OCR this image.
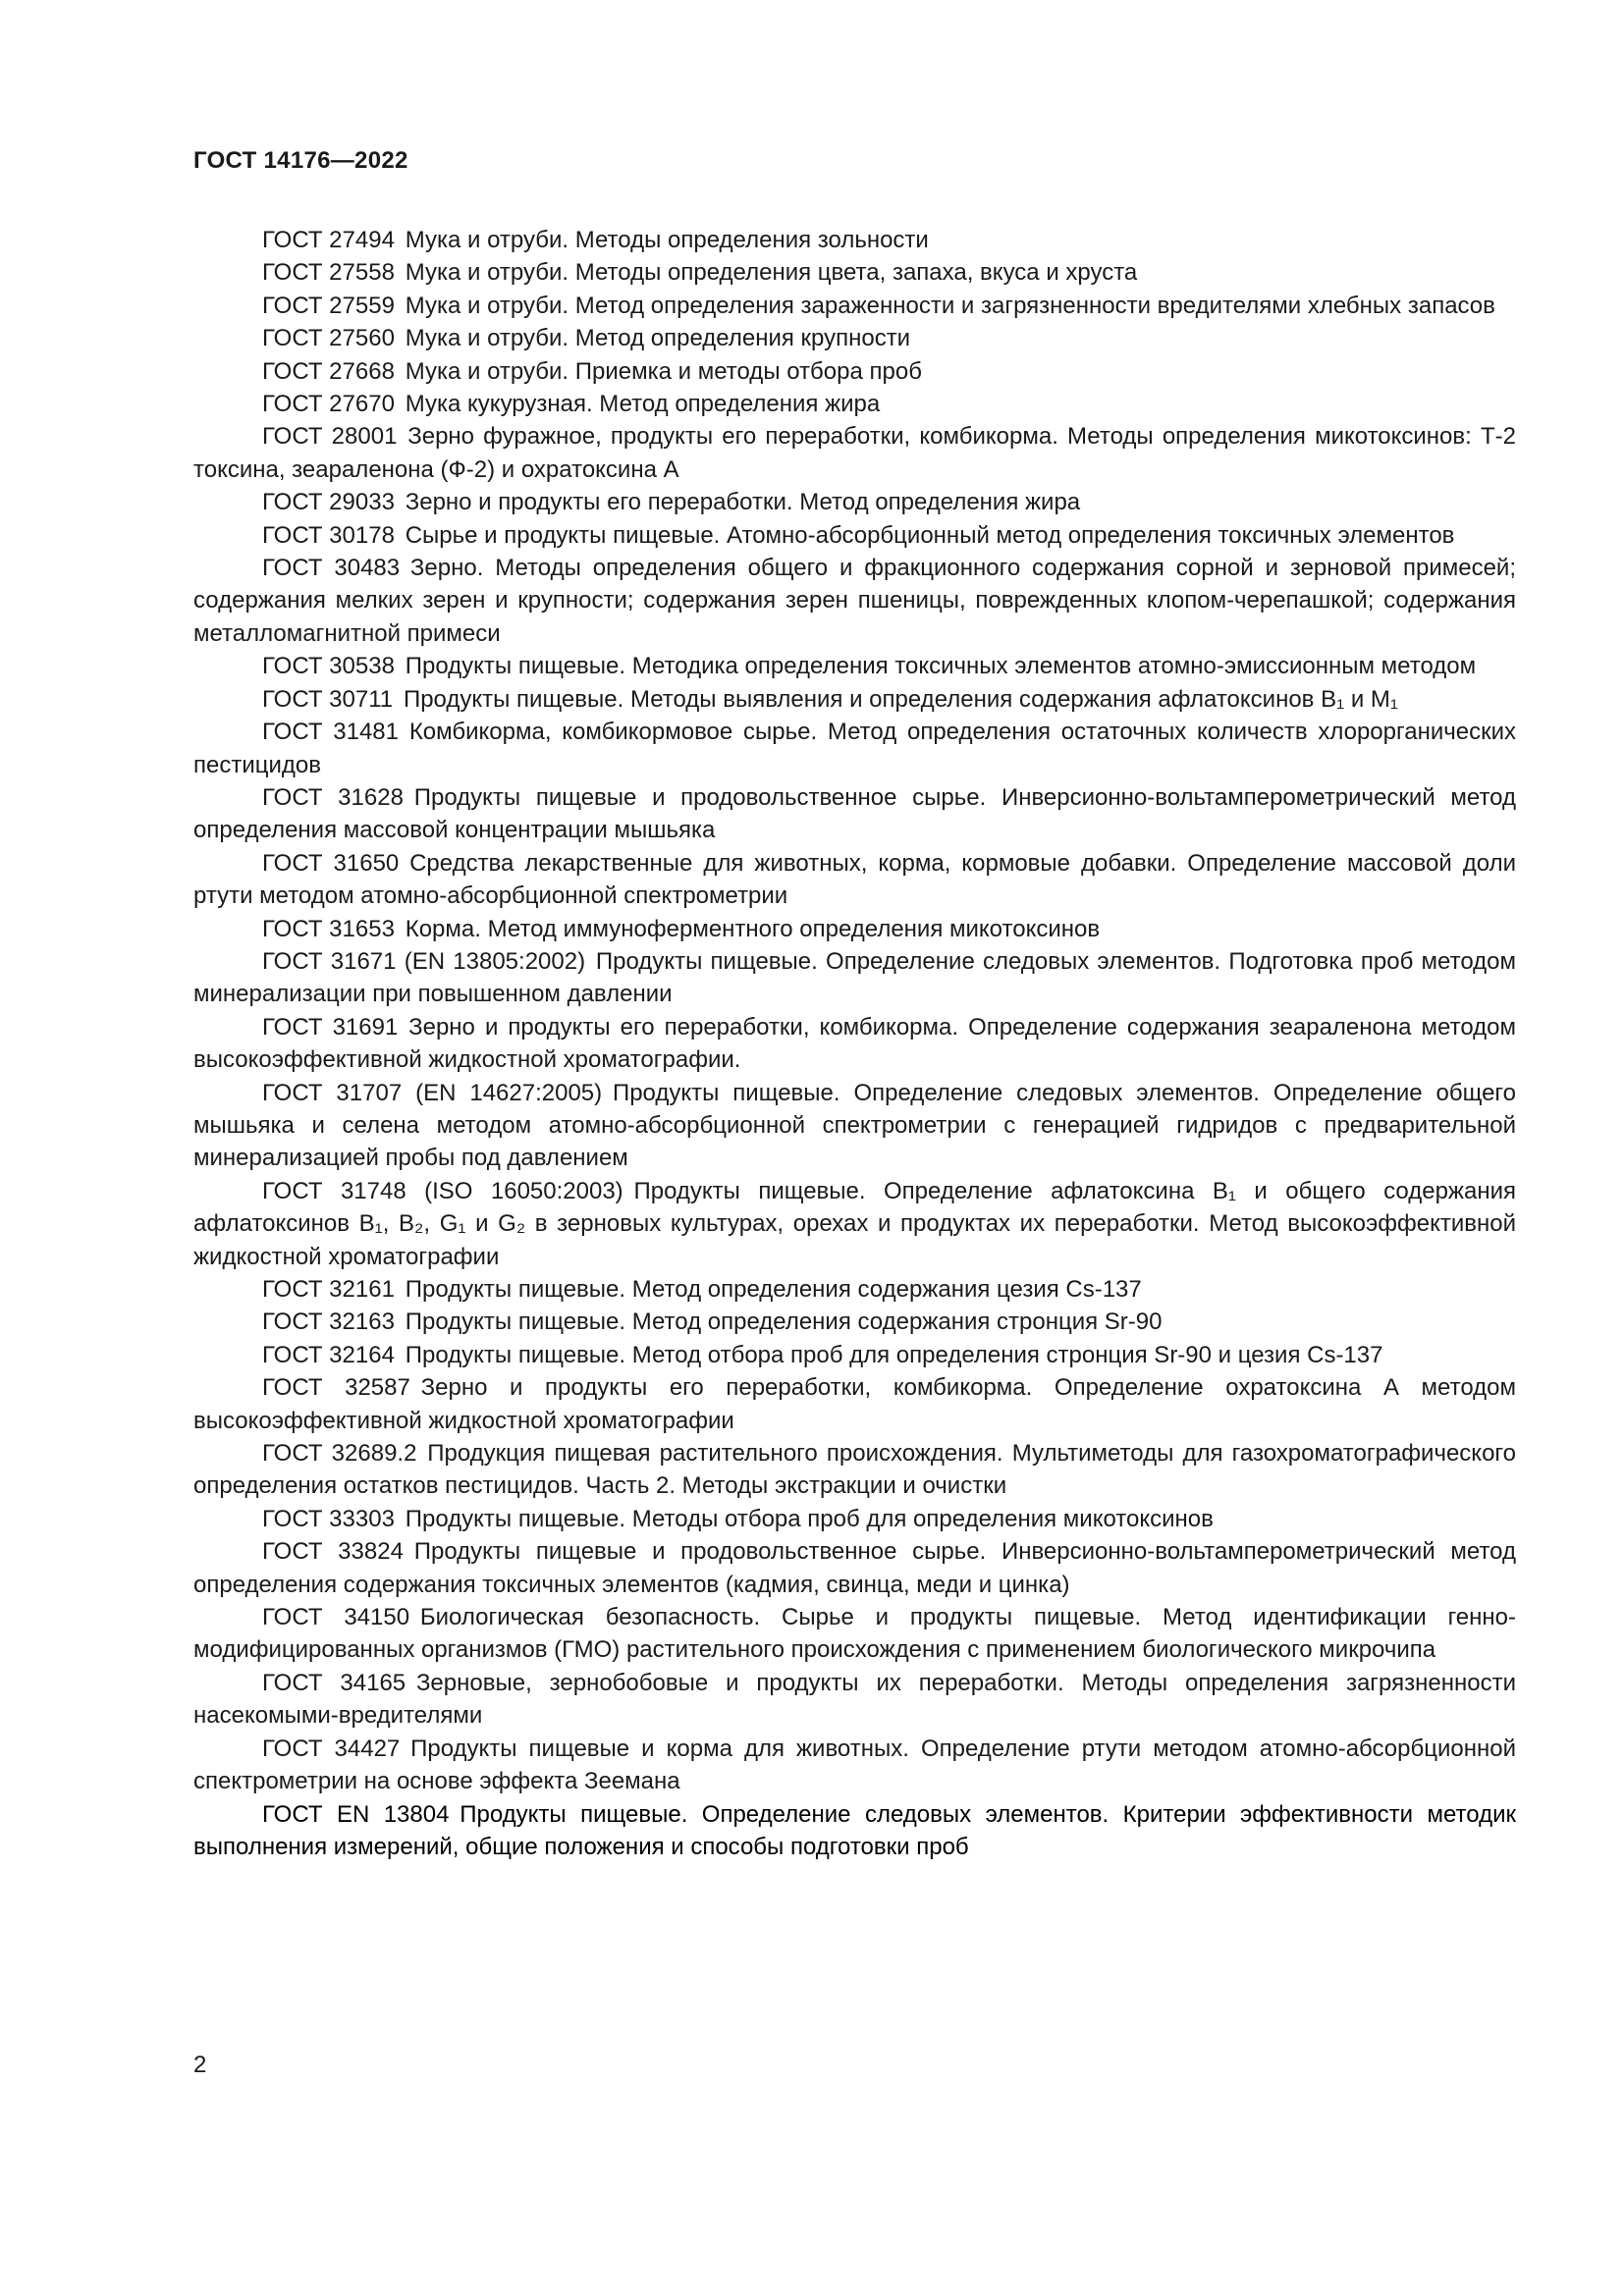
ГОСТ 14176—2022

ГОСТ 27494 Мука и отруби. Методы определения зольности

ГОСТ 27558 Мука и отруби. Методы определения цвета, запаха, вкуса и хруста

ГОСТ 27559 Мука и отруби. Метод определения зараженности и загрязненности вредителями хлебных запасов

ГОСТ 27560 Мука и отруби. Метод определения крупности

ГОСТ 27668 Мука и отруби. Приемка и методы отбора проб

ГОСТ 27670 Мука кукурузная. Метод определения жира

ГОСТ 28001 Зерно фуражное, продукты его переработки, комбикорма. Методы определения микотоксинов: Т-2 токсина, зеараленона (Ф-2) и охратоксина А

ГОСТ 29033 Зерно и продукты его переработки. Метод определения жира

ГОСТ 30178 Сырье и продукты пищевые. Атомно-абсорбционный метод определения токсичных элементов

ГОСТ 30483 Зерно. Методы определения общего и фракционного содержания сорной и зерновой примесей; содержания мелких зерен и крупности; содержания зерен пшеницы, поврежденных клопом-черепашкой; содержания металломагнитной примеси

ГОСТ 30538 Продукты пищевые. Методика определения токсичных элементов атомно-эмиссионным методом

ГОСТ 30711 Продукты пищевые. Методы выявления и определения содержания афлатоксинов В₁ и М₁

ГОСТ 31481 Комбикорма, комбикормовое сырье. Метод определения остаточных количеств хлорорганических пестицидов

ГОСТ 31628 Продукты пищевые и продовольственное сырье. Инверсионно-вольтамперометрический метод определения массовой концентрации мышьяка

ГОСТ 31650 Средства лекарственные для животных, корма, кормовые добавки. Определение массовой доли ртути методом атомно-абсорбционной спектрометрии

ГОСТ 31653 Корма. Метод иммуноферментного определения микотоксинов

ГОСТ 31671 (EN 13805:2002) Продукты пищевые. Определение следовых элементов. Подготовка проб методом минерализации при повышенном давлении

ГОСТ 31691 Зерно и продукты его переработки, комбикорма. Определение содержания зеараленона методом высокоэффективной жидкостной хроматографии.

ГОСТ 31707 (EN 14627:2005) Продукты пищевые. Определение следовых элементов. Определение общего мышьяка и селена методом атомно-абсорбционной спектрометрии с генерацией гидридов с предварительной минерализацией пробы под давлением

ГОСТ 31748 (ISO 16050:2003) Продукты пищевые. Определение афлатоксина В₁ и общего содержания афлатоксинов В₁, В₂, G₁ и G₂ в зерновых культурах, орехах и продуктах их переработки. Метод высокоэффективной жидкостной хроматографии

ГОСТ 32161 Продукты пищевые. Метод определения содержания цезия Cs-137

ГОСТ 32163 Продукты пищевые. Метод определения содержания стронция Sr-90

ГОСТ 32164 Продукты пищевые. Метод отбора проб для определения стронция Sr-90 и цезия Cs-137

ГОСТ 32587 Зерно и продукты его переработки, комбикорма. Определение охратоксина А методом высокоэффективной жидкостной хроматографии

ГОСТ 32689.2 Продукция пищевая растительного происхождения. Мультиметоды для газохроматографического определения остатков пестицидов. Часть 2. Методы экстракции и очистки

ГОСТ 33303 Продукты пищевые. Методы отбора проб для определения микотоксинов

ГОСТ 33824 Продукты пищевые и продовольственное сырье. Инверсионно-вольтамперометрический метод определения содержания токсичных элементов (кадмия, свинца, меди и цинка)

ГОСТ 34150 Биологическая безопасность. Сырье и продукты пищевые. Метод идентификации генно-модифицированных организмов (ГМО) растительного происхождения с применением биологического микрочипа

ГОСТ 34165 Зерновые, зернобобовые и продукты их переработки. Методы определения загрязненности насекомыми-вредителями

ГОСТ 34427 Продукты пищевые и корма для животных. Определение ртути методом атомно-абсорбционной спектрометрии на основе эффекта Зеемана

ГОСТ EN 13804 Продукты пищевые. Определение следовых элементов. Критерии эффективности методик выполнения измерений, общие положения и способы подготовки проб

2
